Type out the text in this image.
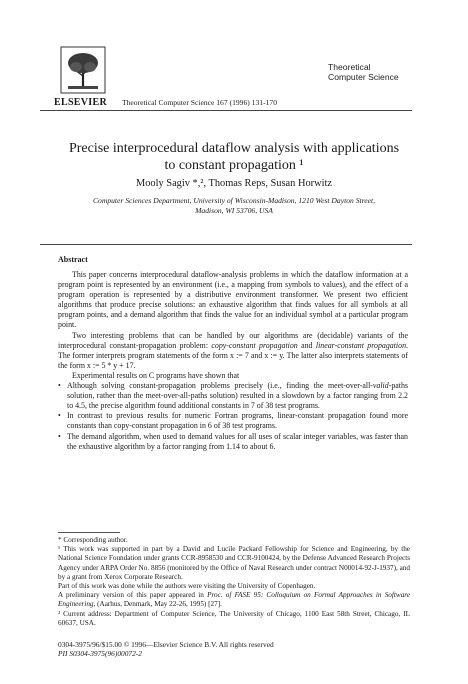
ELSEVIER Theoretical Computer Science 167 (1996) 131-170
Theoretical
Computer Science
Precise interprocedural dataflow analysis with applications
to constant propagation ¹
Mooly Sagiv *,², Thomas Reps, Susan Horwitz
Computer Sciences Department, University of Wisconsin-Madison, 1210 West Dayton Street,
Madison, WI 53706, USA
Abstract

This paper concerns interprocedural dataflow-analysis problems in which the dataflow information at a program point is represented by an environment (i.e., a mapping from symbols to values), and the effect of a program operation is represented by a distributive environment transformer. We present two efficient algorithms that produce precise solutions: an exhaustive algorithm that finds values for all symbols at all program points, and a demand algorithm that finds the value for an individual symbol at a particular program point.

Two interesting problems that can be handled by our algorithms are (decidable) variants of the interprocedural constant-propagation problem: copy-constant propagation and linear-constant propagation. The former interprets program statements of the form x := 7 and x := y. The latter also interprets statements of the form x := 5 * y + 17.

Experimental results on C programs have shown that

• Although solving constant-propagation problems precisely (i.e., finding the meet-over-all-valid-paths solution, rather than the meet-over-all-paths solution) resulted in a slowdown by a factor ranging from 2.2 to 4.5, the precise algorithm found additional constants in 7 of 38 test programs.
• In contrast to previous results for numeric Fortran programs, linear-constant propagation found more constants than copy-constant propagation in 6 of 38 test programs.
• The demand algorithm, when used to demand values for all uses of scalar integer variables, was faster than the exhaustive algorithm by a factor ranging from 1.14 to about 6.

* Corresponding author.

¹ This work was supported in part by a David and Lucile Packard Fellowship for Science and Engineering, by the National Science Foundation under grants CCR-8958530 and CCR-9100424, by the Defense Advanced Research Projects Agency under ARPA Order No. 8856 (monitored by the Office of Naval Research under contract N00014-92-J-1937), and by a grant from Xerox Corporate Research.

Part of this work was done while the authors were visiting the University of Copenhagen.

A preliminary version of this paper appeared in Proc. of FASE 95: Colloquium on Formal Approaches in Software Engineering, (Aarhus, Denmark, May 22-26, 1995) [27].

² Current address: Department of Computer Science, The University of Chicago, 1100 East 58th Street, Chicago, IL 60637, USA.

0304-3975/96/$15.00 © 1996—Elsevier Science B.V. All rights reserved
PII S0304-3975(96)00072-2
